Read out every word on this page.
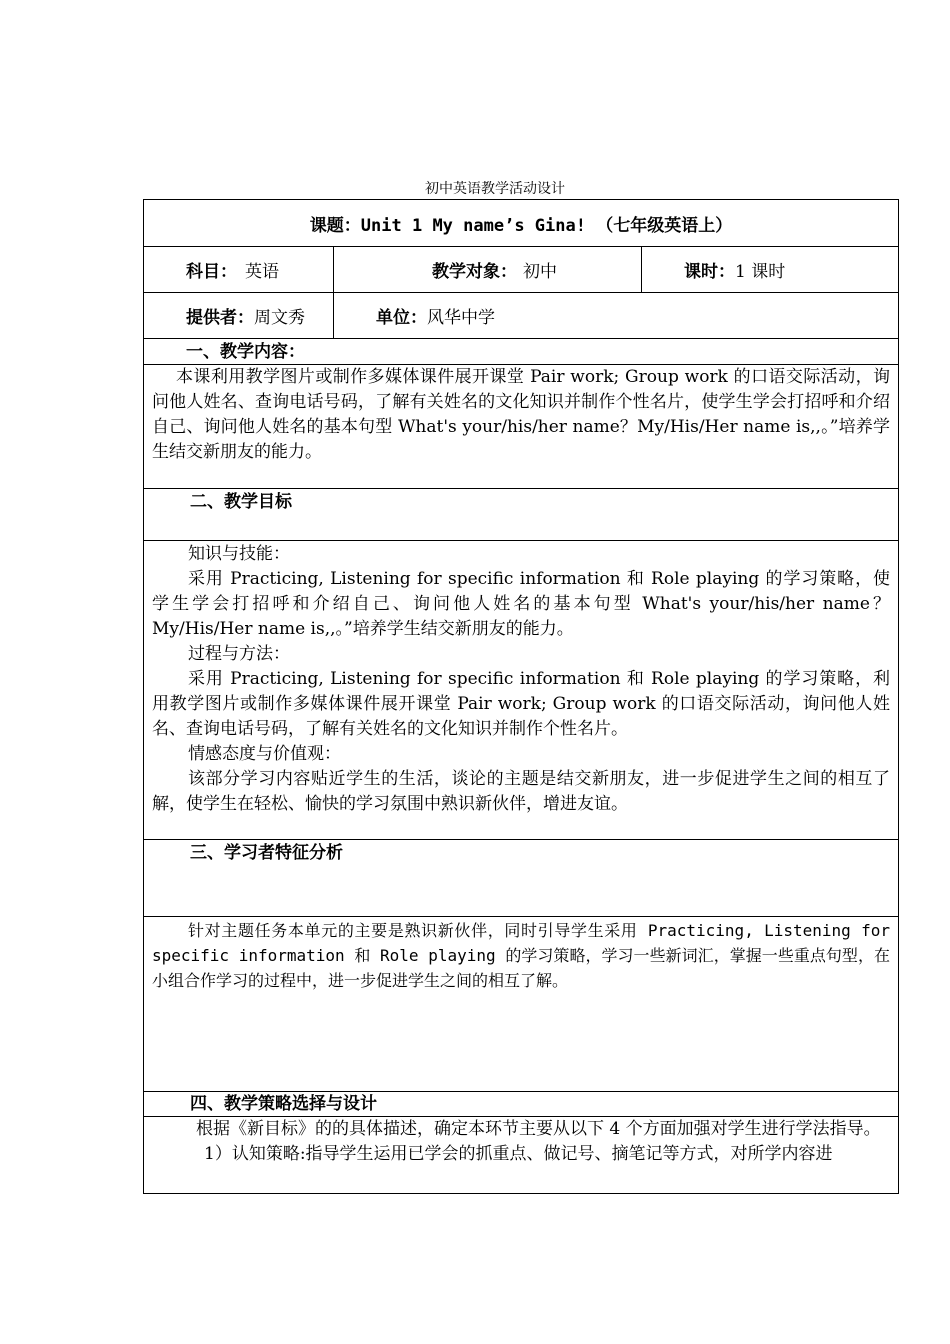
初中英语教学活动设计
课题：Unit 1 My name’s Gina! （七年级英语上）
科目： 英语	教学对象： 初中	课时： 1 课时
提供者： 周文秀	单位： 风华中学
一、教学内容：
本课利用教学图片或制作多媒体课件展开课堂 Pair work; Group work 的口语交际活动，询问他人姓名、查询电话号码，了解有关姓名的文化知识并制作个性名片，使学生学会打招呼和介绍自己、询问他人姓名的基本句型 What's your/his/her name？My/His/Her name is,,。”培养学生结交新朋友的能力。
二、教学目标
知识与技能：
采用 Practicing, Listening for specific information 和 Role playing 的学习策略，使学生学会打招呼和介绍自己、询问他人姓名的基本句型 What's your/his/her name？My/His/Her name is,,。”培养学生结交新朋友的能力。
过程与方法：
采用 Practicing, Listening for specific information 和 Role playing 的学习策略，利用教学图片或制作多媒体课件展开课堂 Pair work; Group work 的口语交际活动，询问他人姓名、查询电话号码，了解有关姓名的文化知识并制作个性名片。
情感态度与价值观：
该部分学习内容贴近学生的生活，谈论的主题是结交新朋友，进一步促进学生之间的相互了解，使学生在轻松、愉快的学习氛围中熟识新伙伴，增进友谊。
三、学习者特征分析
针对主题任务本单元的主要是熟识新伙伴，同时引导学生采用 Practicing, Listening for specific information 和 Role playing 的学习策略，学习一些新词汇，掌握一些重点句型，在小组合作学习的过程中，进一步促进学生之间的相互了解。
四、教学策略选择与设计
根据《新目标》的的具体描述，确定本环节主要从以下 4 个方面加强对学生进行学法指导。
1）认知策略:指导学生运用已学会的抓重点、做记号、摘笔记等方式，对所学内容进
